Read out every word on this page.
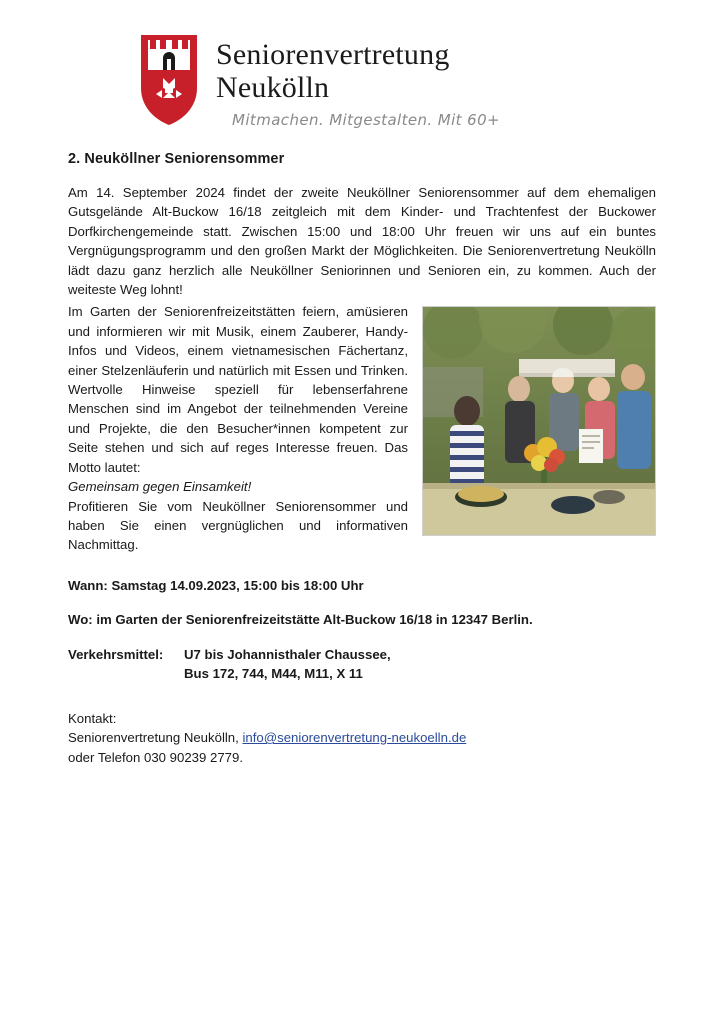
Seniorenvertretung
Neukölln
Mitmachen. Mitgestalten. Mit 60+
2. Neuköllner Seniorensommer

Am 14. September 2024 findet der zweite Neuköllner Seniorensommer auf dem ehemaligen Gutsgelände Alt-Buckow 16/18 zeitgleich mit dem Kinder- und Trachtenfest der Buckower Dorfkirchengemeinde statt. Zwischen 15:00 und 18:00 Uhr freuen wir uns auf ein buntes Vergnügungsprogramm und den großen Markt der Möglichkeiten. Die Seniorenvertretung Neukölln lädt dazu ganz herzlich alle Neuköllner Seniorinnen und Senioren ein, zu kommen. Auch der weiteste Weg lohnt!

Im Garten der Seniorenfreizeitstätten feiern, amüsieren und informieren wir mit Musik, einem Zauberer, Handy-Infos und Videos, einem vietnamesischen Fächertanz, einer Stelzenläuferin und natürlich mit Essen und Trinken. Wertvolle Hinweise speziell für lebenserfahrene Menschen sind im Angebot der teilnehmenden Vereine und Projekte, die den Besucher*innen kompetent zur Seite stehen und sich auf reges Interesse freuen. Das Motto lautet:

Gemeinsam gegen Einsamkeit!
Profitieren Sie vom Neuköllner Seniorensommer und haben Sie einen vergnüglichen und informativen Nachmittag.
Wann: Samstag 14.09.2023, 15:00 bis 18:00 Uhr
Wo: im Garten der Seniorenfreizeitstätte Alt-Buckow 16/18 in 12347 Berlin.
Verkehrsmittel: U7 bis Johannisthaler Chaussee,
Bus 172, 744, M44, M11, X 11
Kontakt:
Seniorenvertretung Neukölln, info@seniorenvertretung-neukoelln.de
oder Telefon 030 90239 2779.
